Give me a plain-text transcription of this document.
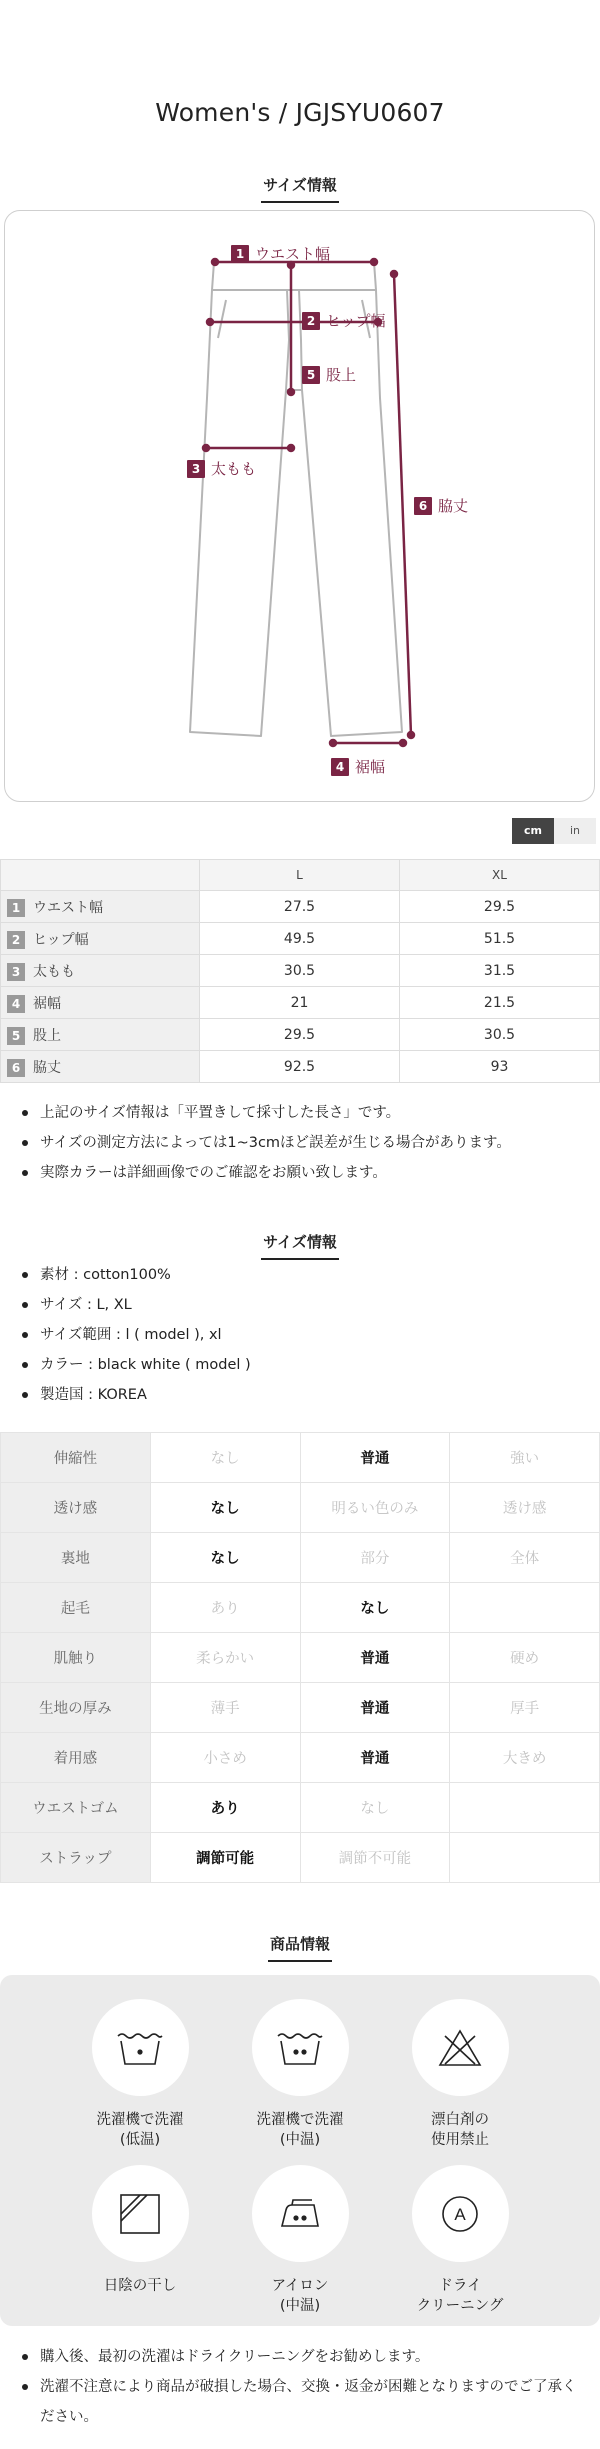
Women's / JGJSYU0607
サイズ情報
1 ウエスト幅
2 ヒップ幅
5 股上
3 太もも
6 脇丈
4 裾幅
cm	in
	L	XL
1 ウエスト幅	27.5	29.5
2 ヒップ幅	49.5	51.5
3 太もも	30.5	31.5
4 裾幅	21	21.5
5 股上	29.5	30.5
6 脇丈	92.5	93
上記のサイズ情報は「平置きして採寸した長さ」です。
サイズの測定方法によっては1~3cmほど誤差が生じる場合があります。
実際カラーは詳細画像でのご確認をお願い致します。
サイズ情報
素材 : cotton100%
サイズ : L, XL
サイズ範囲 : l ( model ), xl
カラー : black white ( model )
製造国 : KOREA
伸縮性	なし	普通	強い
透け感	なし	明るい色のみ	透け感
裏地	なし	部分	全体
起毛	あり	なし	
肌触り	柔らかい	普通	硬め
生地の厚み	薄手	普通	厚手
着用感	小さめ	普通	大きめ
ウエストゴム	あり	なし	
ストラップ	調節可能	調節不可能	
商品情報
洗濯機で洗濯
(低温)
洗濯機で洗濯
(中温)
漂白剤の
使用禁止
日陰の干し	アイロン
(中温)
A
ドライ
クリーニング
購入後、最初の洗濯はドライクリーニングをお勧めします。
洗濯不注意により商品が破損した場合、交換・返金が困難となりますのでご了承ください。
